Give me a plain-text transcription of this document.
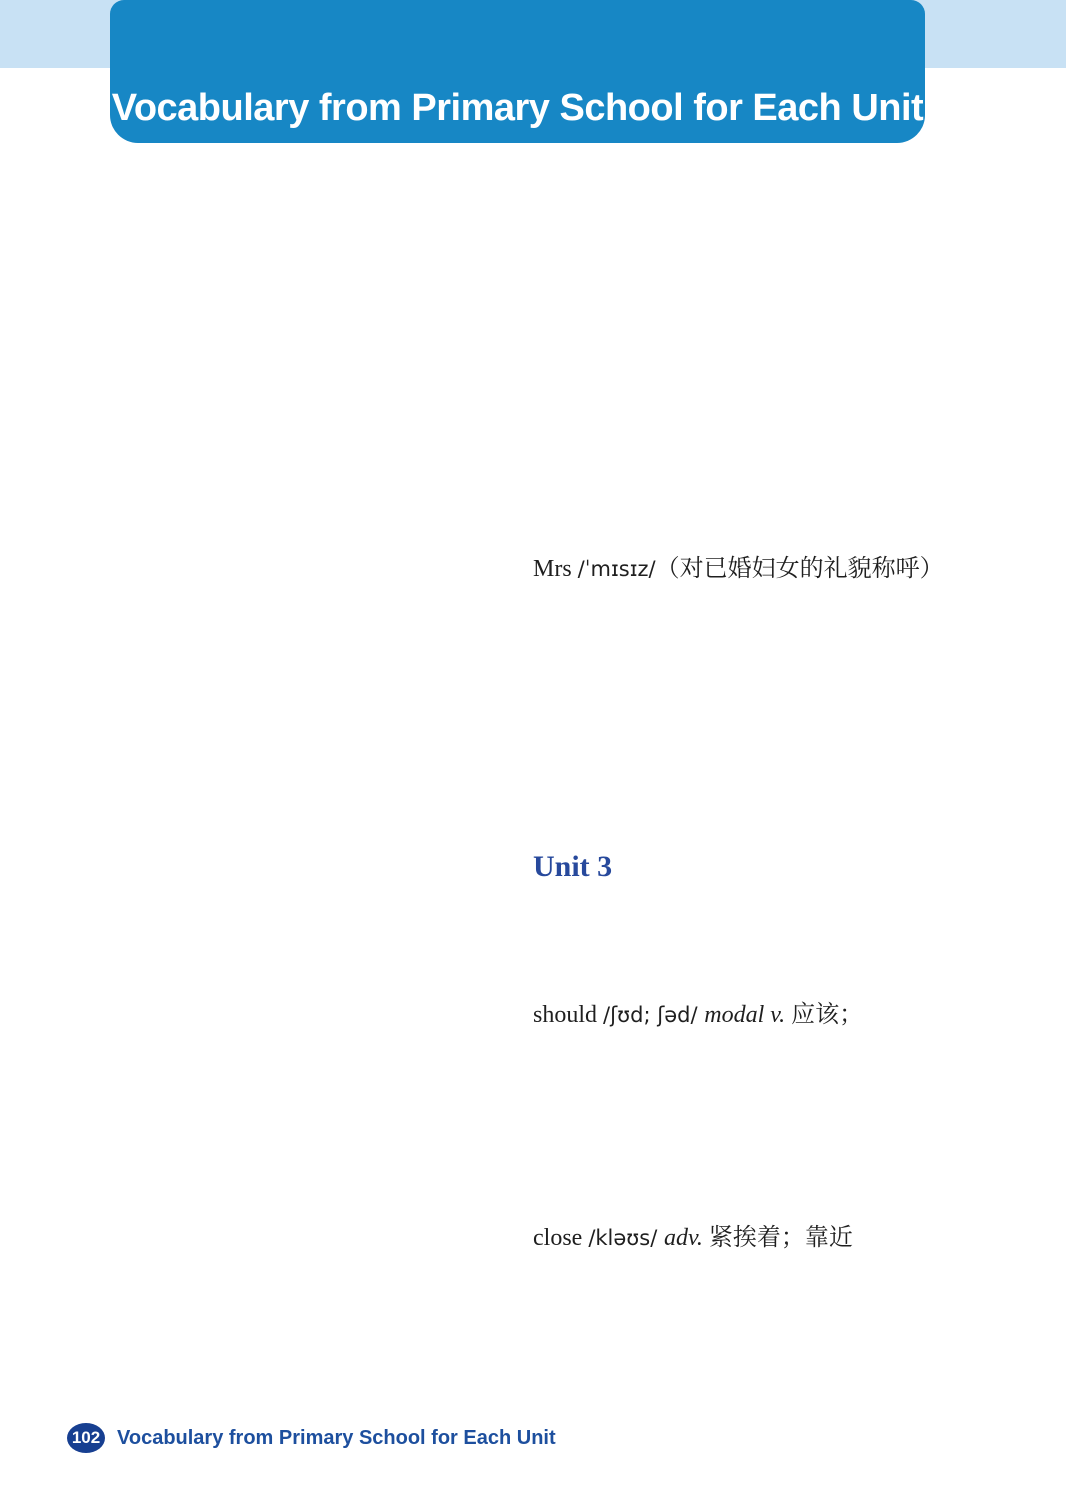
Vocabulary from Primary School for Each Unit
Mrs /ˈmɪsɪz/（对已婚妇女的礼貌称呼）
Unit 3
should /ʃʊd; ʃəd/ modal v. 应该；
close /kləʊs/ adv. 紧挨着；靠近
102 Vocabulary from Primary School for Each Unit
